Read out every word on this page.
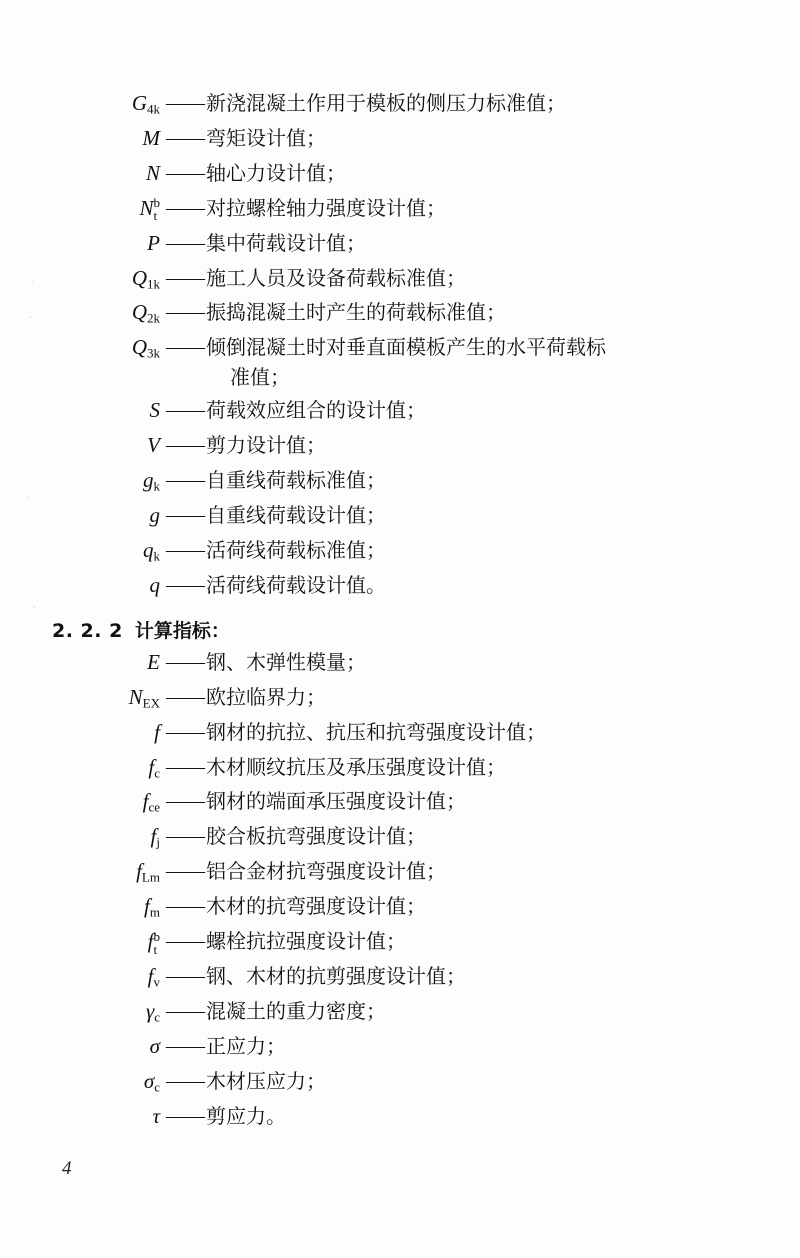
·
·
·
·
$G_{4k}$ —— 新浇混凝土作用于模板的侧压力标准值；
M —— 弯矩设计值；
N —— 轴心力设计值；
N b
t —— 对拉螺栓轴力强度设计值；
P —— 集中荷载设计值；
$Q_{1k}$ —— 施工人员及设备荷载标准值；
$Q_{2k}$ —— 振捣混凝土时产生的荷载标准值；
$Q_{3k}$ —— 倾倒混凝土时对垂直面模板产生的水平荷载标
准值；
S —— 荷载效应组合的设计值；
V —— 剪力设计值；
$g_k$ —— 自重线荷载标准值；
g —— 自重线荷载设计值；
$q_k$ —— 活荷线荷载标准值；
q —— 活荷线荷载设计值。
2. 2. 2 计算指标：
E —— 钢、木弹性模量；
$N_{EX}$ —— 欧拉临界力；
f —— 钢材的抗拉、抗压和抗弯强度设计值；
$f_c$ —— 木材顺纹抗压及承压强度设计值；
$f_{ce}$ —— 钢材的端面承压强度设计值；
$f_j$ —— 胶合板抗弯强度设计值；
$f_{Lm}$ —— 铝合金材抗弯强度设计值；
$f_m$ —— 木材的抗弯强度设计值；
f b
t —— 螺栓抗拉强度设计值；
$f_v$ —— 钢、木材的抗剪强度设计值；
$\gamma_c$ —— 混凝土的重力密度；
σ —— 正应力；
$\sigma_c$ —— 木材压应力；
τ —— 剪应力。
4
